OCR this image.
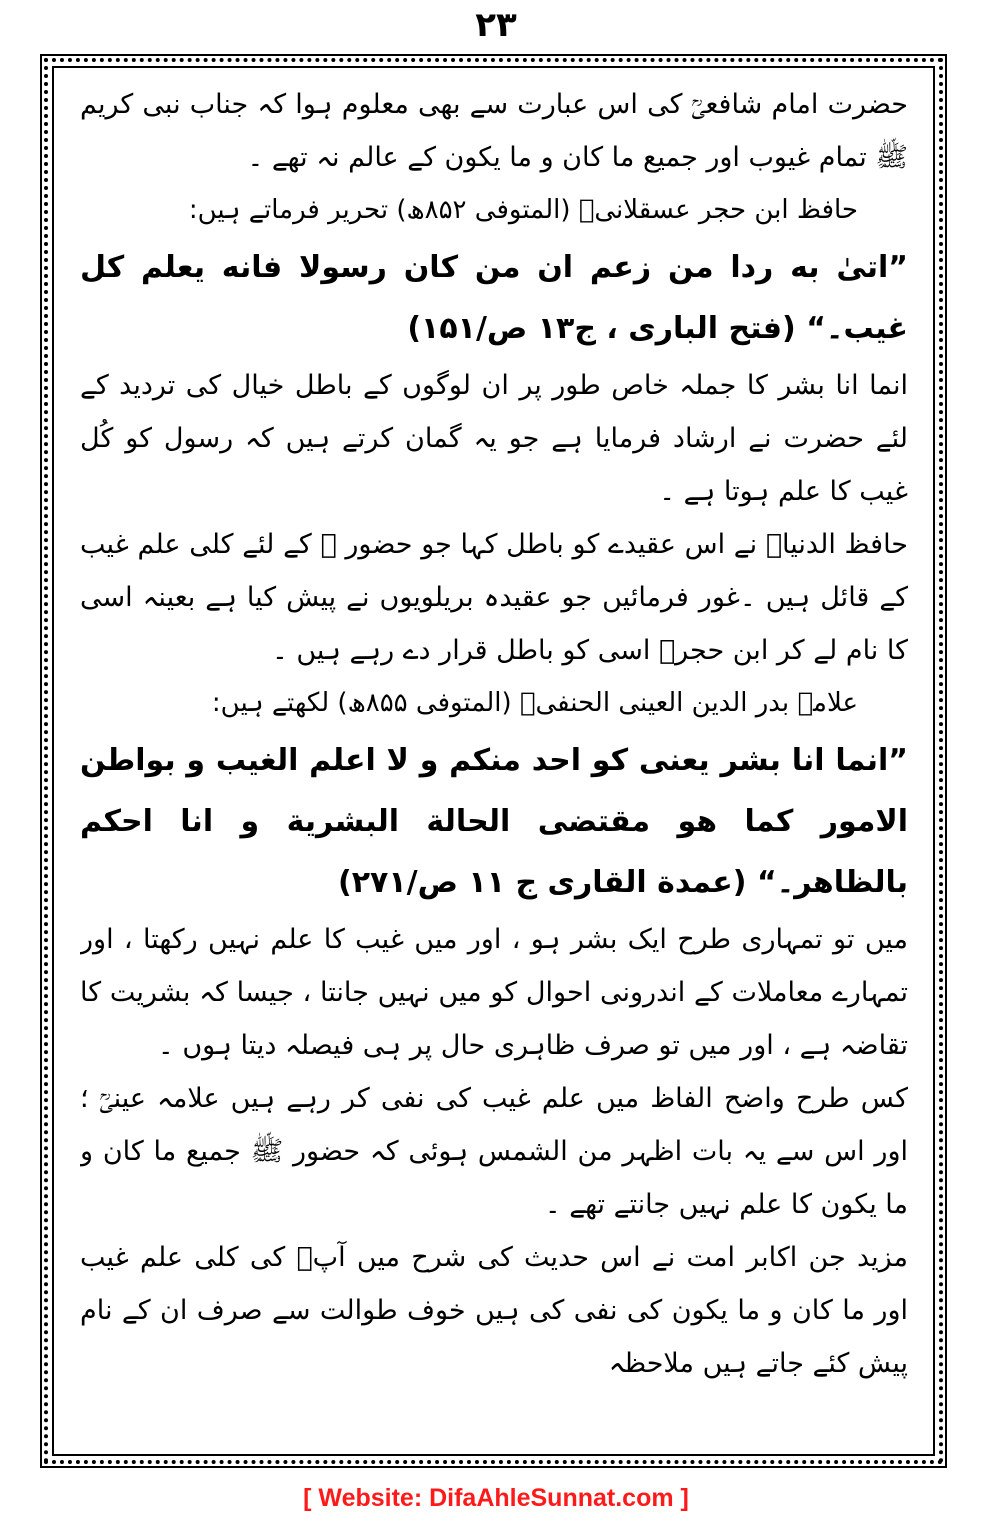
۲۳

حضرت امام شافعیؒ کی اس عبارت سے بھی معلوم ہوا کہ جناب نبی کریم ﷺ تمام غیوب اور جمیع ما کان و ما یکون کے عالم نہ تھے ۔

حافظ ابن حجر عسقلانیؒ (المتوفی ۸۵۲ھ) تحریر فرماتے ہیں:

”اتیٰ به ردا من زعم ان من کان رسولا فانه یعلم کل غیب۔“ (فتح الباری ، ج۱۳ ص/۱۵۱)

انما انا بشر کا جملہ خاص طور پر ان لوگوں کے باطل خیال کی تردید کے لئے حضرت نے ارشاد فرمایا ہے جو یہ گمان کرتے ہیں کہ رسول کو کُل غیب کا علم ہوتا ہے ۔

حافظ الدنیاؒ نے اس عقیدے کو باطل کہا جو حضور ﷺ کے لئے کلی علم غیب کے قائل ہیں ۔غور فرمائیں جو عقیدہ بریلویوں نے پیش کیا ہے بعینہ اسی کا نام لے کر ابن حجرؒ اسی کو باطل قرار دے رہے ہیں ۔

علامہ بدر الدین العینی الحنفیؒ (المتوفی ۸۵۵ھ) لکھتے ہیں:

”انما انا بشر یعنی کو احد منکم و لا اعلم الغیب و بواطن الامور کما هو مقتضی الحالة البشریة و انا احکم بالظاهر۔“ (عمدة القاری ج ۱۱ ص/۲۷۱)

میں تو تمہاری طرح ایک بشر ہو ، اور میں غیب کا علم نہیں رکھتا ، اور تمہارے معاملات کے اندرونی احوال کو میں نہیں جانتا ، جیسا کہ بشریت کا تقاضہ ہے ، اور میں تو صرف ظاہری حال پر ہی فیصلہ دیتا ہوں ۔

کس طرح واضح الفاظ میں علم غیب کی نفی کر رہے ہیں علامہ عینیؒ ؛ اور اس سے یہ بات اظہر من الشمس ہوئی کہ حضور ﷺ جمیع ما کان و ما یکون کا علم نہیں جانتے تھے ۔

مزید جن اکابر امت نے اس حدیث کی شرح میں آپؐ کی کلی علم غیب اور ما کان و ما یکون کی نفی کی ہیں خوف طوالت سے صرف ان کے نام پیش کئے جاتے ہیں ملاحظہ

[ Website: DifaAhleSunnat.com ]
